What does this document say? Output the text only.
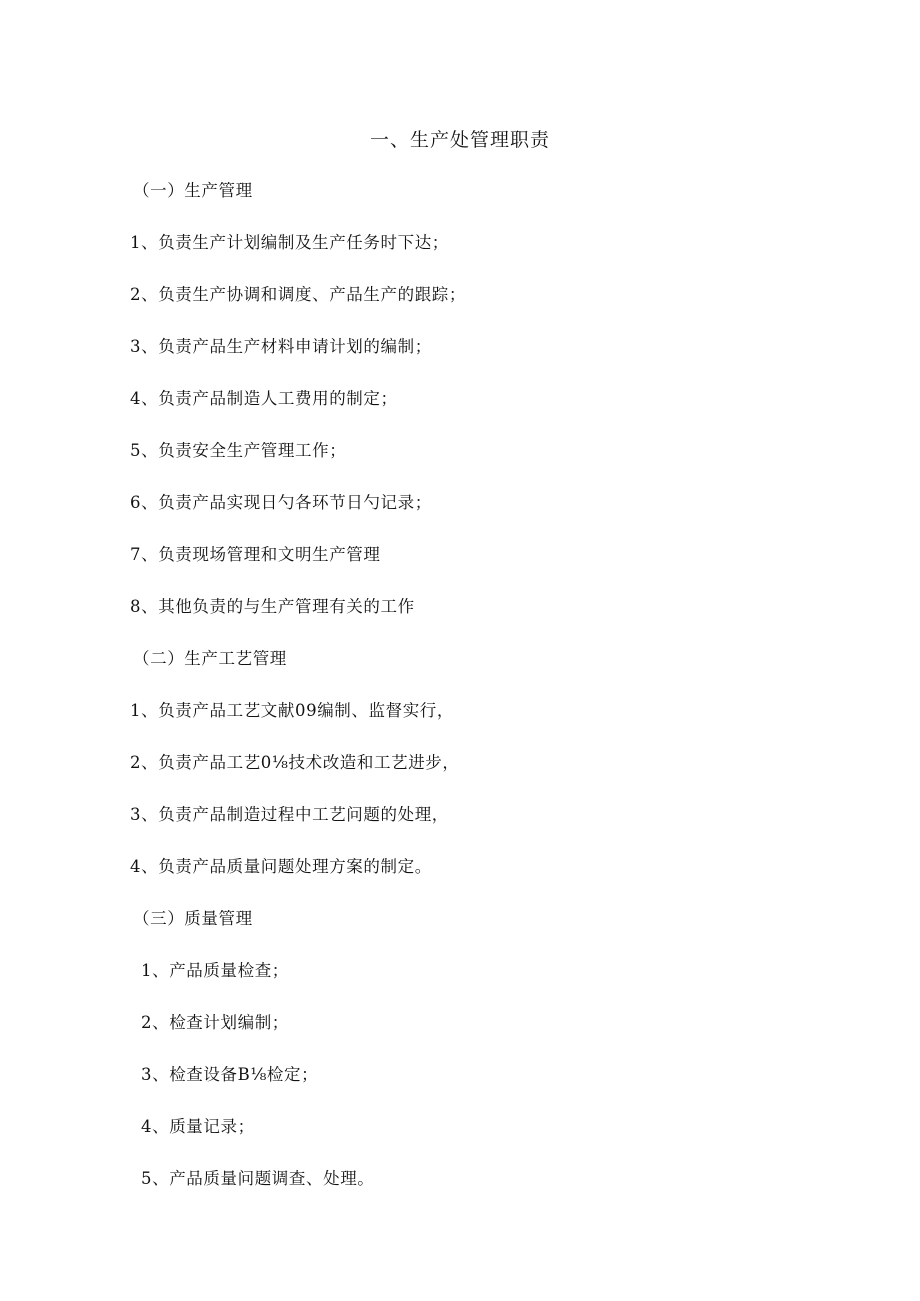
一、生产处管理职责
（一）生产管理
1、负责生产计划编制及生产任务时下达；
2、负责生产协调和调度、产品生产的跟踪；
3、负责产品生产材料申请计划的编制；
4、负责产品制造人工费用的制定；
5、负责安全生产管理工作；
6、负责产品实现日勺各环节日勺记录；
7、负责现场管理和文明生产管理
8、其他负责的与生产管理有关的工作
（二）生产工艺管理
1、负责产品工艺文献09编制、监督实行，
2、负责产品工艺0⅛技术改造和工艺进步，
3、负责产品制造过程中工艺问题的处理，
4、负责产品质量问题处理方案的制定。
（三）质量管理
1、产品质量检查；
2、检查计划编制；
3、检查设备B⅛检定；
4、质量记录；
5、产品质量问题调查、处理。
